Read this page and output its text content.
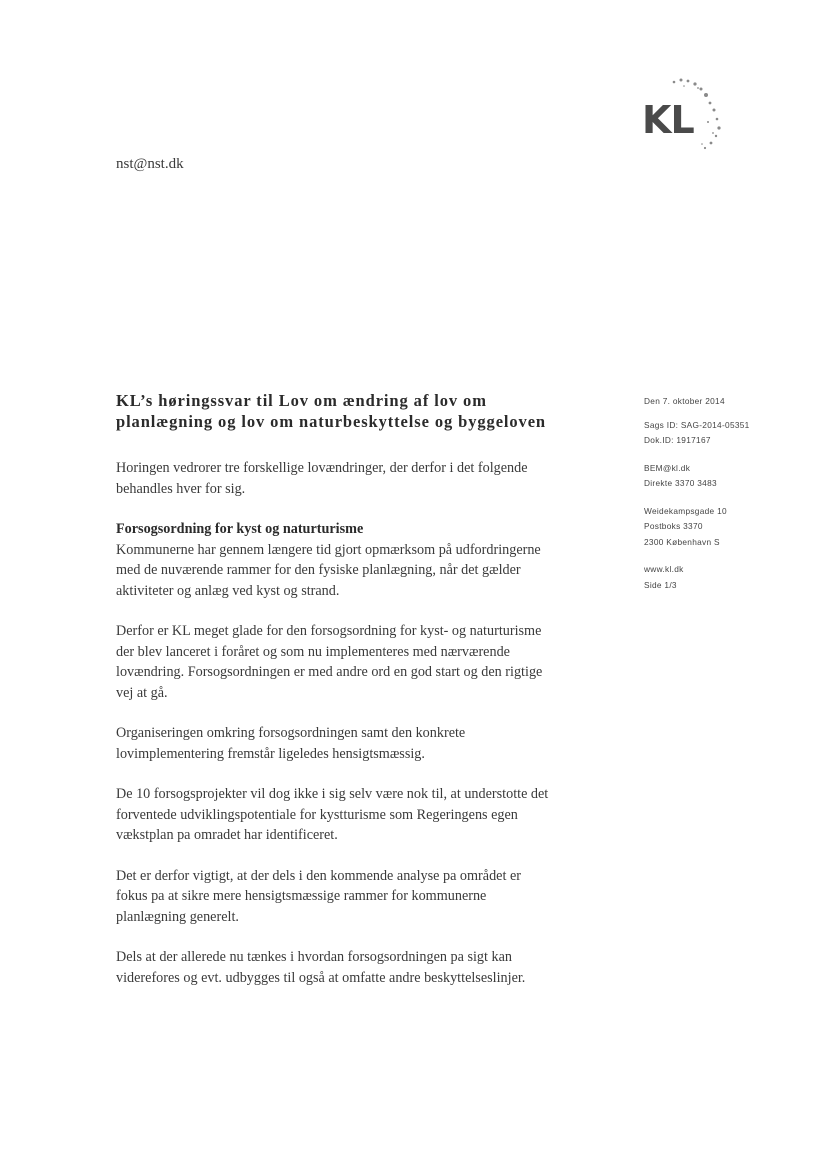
KL
nst@nst.dk
KL’s høringssvar til Lov om ændring af lov om
planlægning og lov om naturbeskyttelse og byggeloven
Den 7. oktober 2014
Sags ID: SAG-2014-05351
Dok.ID: 1917167
BEM@kl.dk
Direkte 3370 3483
Weidekampsgade 10
Postboks 3370
2300 København S
www.kl.dk
Side 1/3

Horingen vedrorer tre forskellige lovændringer, der derfor i det folgende

behandles hver for sig.

Forsogsordning for kyst og naturturisme

Kommunerne har gennem længere tid gjort opmærksom på udfordringerne

med de nuværende rammer for den fysiske planlægning, når det gælder

aktiviteter og anlæg ved kyst og strand.

Derfor er KL meget glade for den forsogsordning for kyst- og naturturisme

der blev lanceret i foråret og som nu implementeres med nærværende

lovændring. Forsogsordningen er med andre ord en god start og den rigtige

vej at gå.

Organiseringen omkring forsogsordningen samt den konkrete

lovimplementering fremstår ligeledes hensigtsmæssig.

De 10 forsogsprojekter vil dog ikke i sig selv være nok til, at understotte det

forventede udviklingspotentiale for kystturisme som Regeringens egen

vækstplan pa omradet har identificeret.

Det er derfor vigtigt, at der dels i den kommende analyse pa området er

fokus pa at sikre mere hensigtsmæssige rammer for kommunerne

planlægning generelt.

Dels at der allerede nu tænkes i hvordan forsogsordningen pa sigt kan

viderefores og evt. udbygges til også at omfatte andre beskyttelseslinjer.
